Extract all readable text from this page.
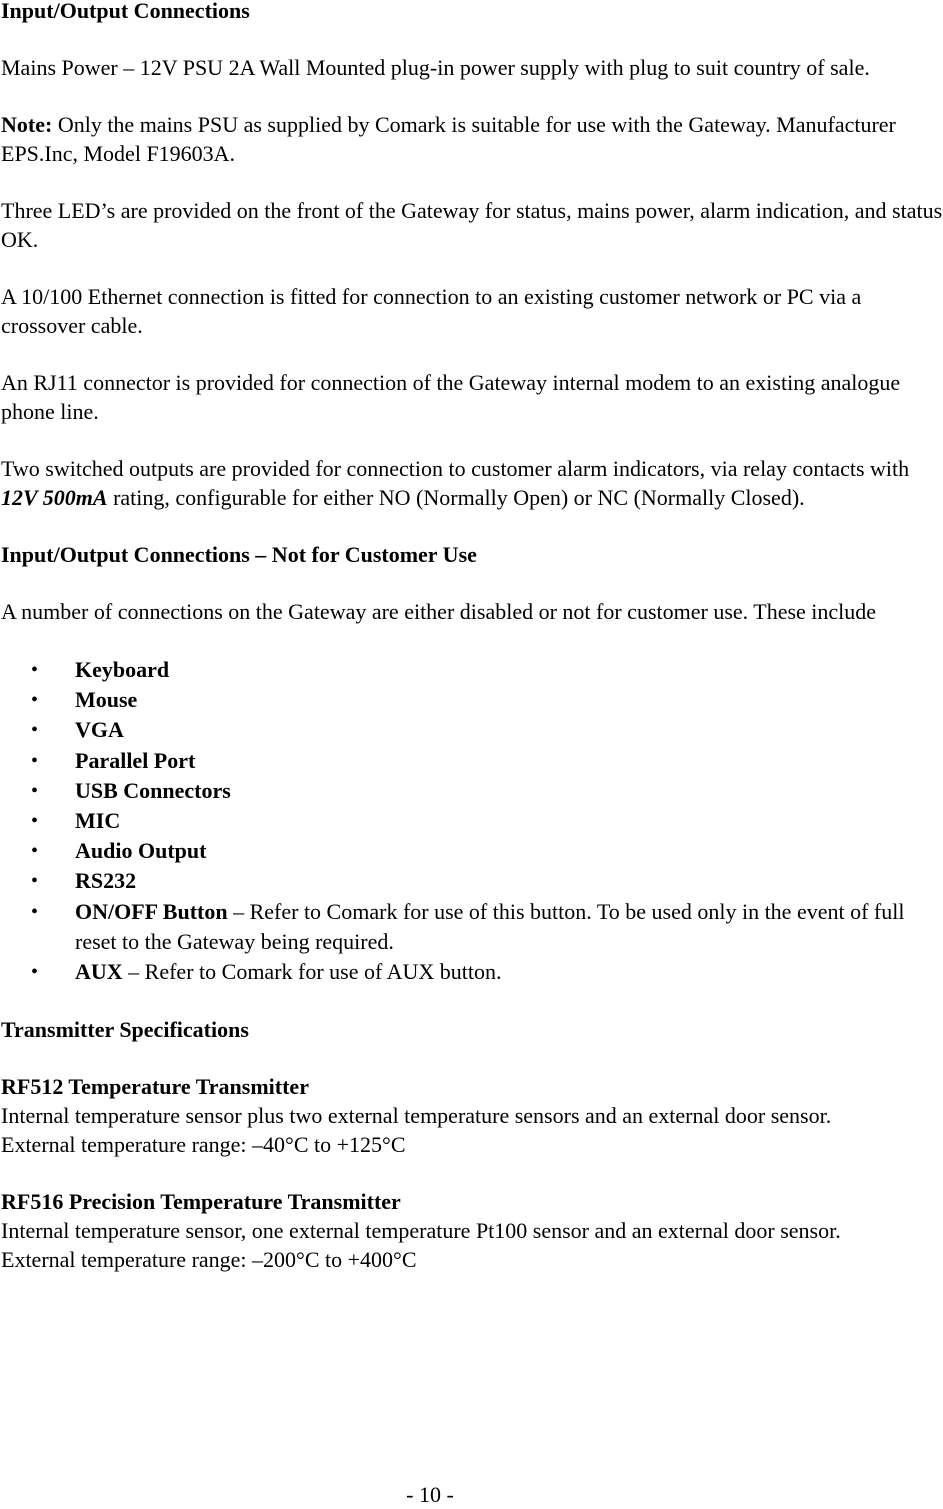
Input/Output Connections

Mains Power – 12V PSU 2A Wall Mounted plug-in power supply with plug to suit country of sale.

Note: Only the mains PSU as supplied by Comark is suitable for use with the Gateway. Manufacturer EPS.Inc, Model F19603A.

Three LED’s are provided on the front of the Gateway for status, mains power, alarm indication, and status OK.

A 10/100 Ethernet connection is fitted for connection to an existing customer network or PC via a crossover cable.

An RJ11 connector is provided for connection of the Gateway internal modem to an existing analogue phone line.

Two switched outputs are provided for connection to customer alarm indicators, via relay contacts with 12V 500mA rating, configurable for either NO (Normally Open) or NC (Normally Closed).

Input/Output Connections – Not for Customer Use

A number of connections on the Gateway are either disabled or not for customer use. These include

• Keyboard
• Mouse
• VGA
• Parallel Port
• USB Connectors
• MIC
• Audio Output
• RS232
• ON/OFF Button – Refer to Comark for use of this button. To be used only in the event of full reset to the Gateway being required.
• AUX – Refer to Comark for use of AUX button.

Transmitter Specifications

RF512 Temperature Transmitter

Internal temperature sensor plus two external temperature sensors and an external door sensor.

External temperature range: –40°C to +125°C

RF516 Precision Temperature Transmitter

Internal temperature sensor, one external temperature Pt100 sensor and an external door sensor.

External temperature range: –200°C to +400°C

- 10 -
